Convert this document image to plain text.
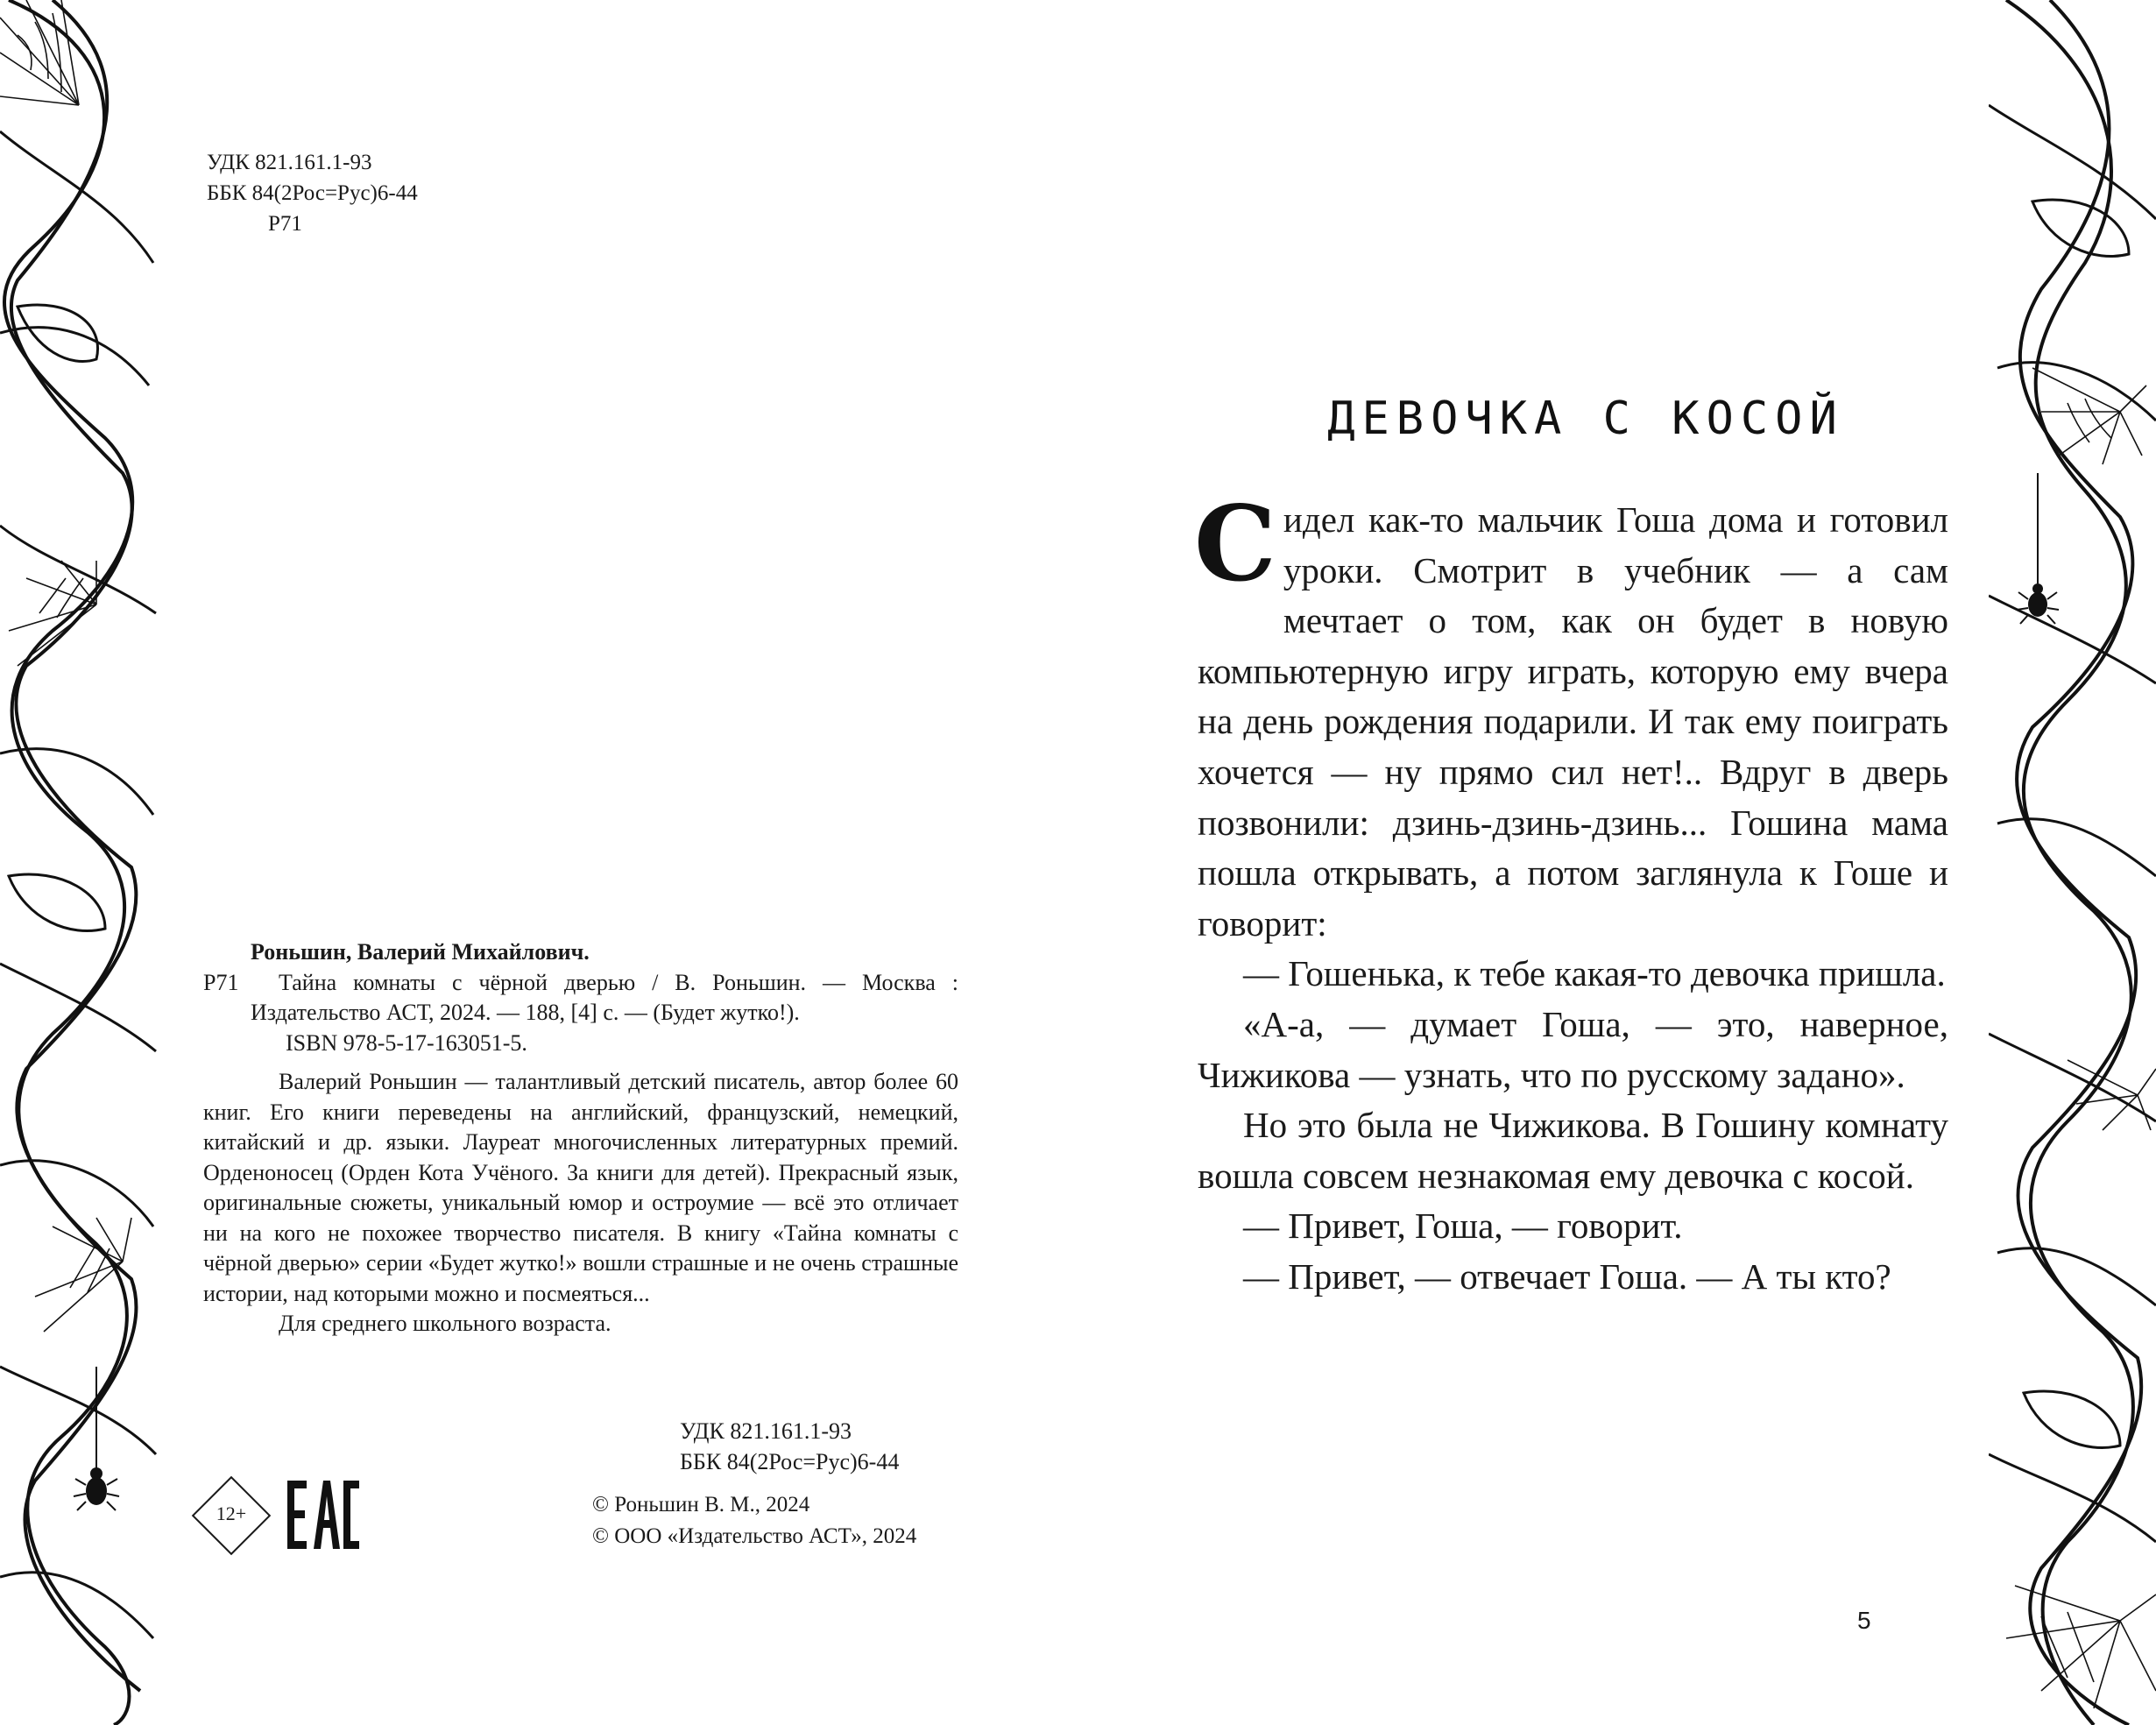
УДК 821.161.1-93
ББК 84(2Рос=Рус)6-44
Р71

Роньшин, Валерий Михайлович.

Р71	Тайна комнаты с чёрной дверью / В. Роньшин. — Москва : Издательство АСТ, 2024. — 188, [4] с. — (Будет жутко!).

ISBN 978-5-17-163051-5.

Валерий Роньшин — талантливый детский писатель, автор более 60 книг. Его книги переведены на английский, французский, немецкий, китайский и др. языки. Лауреат многочисленных литературных премий. Орденоносец (Орден Кота Учёного. За книги для детей). Прекрасный язык, оригинальные сюжеты, уникальный юмор и остроумие — всё это отличает ни на кого не похожее творчество писателя. В книгу «Тайна комнаты с чёрной дверью» серии «Будет жутко!» вошли страшные и не очень страшные истории, над которыми можно и посмеяться...

Для среднего школьного возраста.

УДК 821.161.1-93
ББК 84(2Рос=Рус)6-44
12+	© Роньшин В. М., 2024
© ООО «Издательство АСТ», 2024
ДЕВОЧКА С КОСОЙ

С идел как-то мальчик Гоша дома и готовил уроки. Смотрит в учебник — а сам мечтает о том, как он будет в новую компьютерную игру играть, которую ему вчера на день рождения подарили. И так ему поиграть хочется — ну прямо сил нет!.. Вдруг в дверь позвонили: дзинь-дзинь-дзинь... Гошина мама пошла открывать, а потом заглянула к Гоше и говорит:

— Гошенька, к тебе какая-то девочка пришла.

«А-а, — думает Гоша, — это, наверное, Чижикова — узнать, что по русскому задано».

Но это была не Чижикова. В Гошину комнату вошла совсем незнакомая ему девочка с косой.

— Привет, Гоша, — говорит.

— Привет, — отвечает Гоша. — А ты кто?

5
